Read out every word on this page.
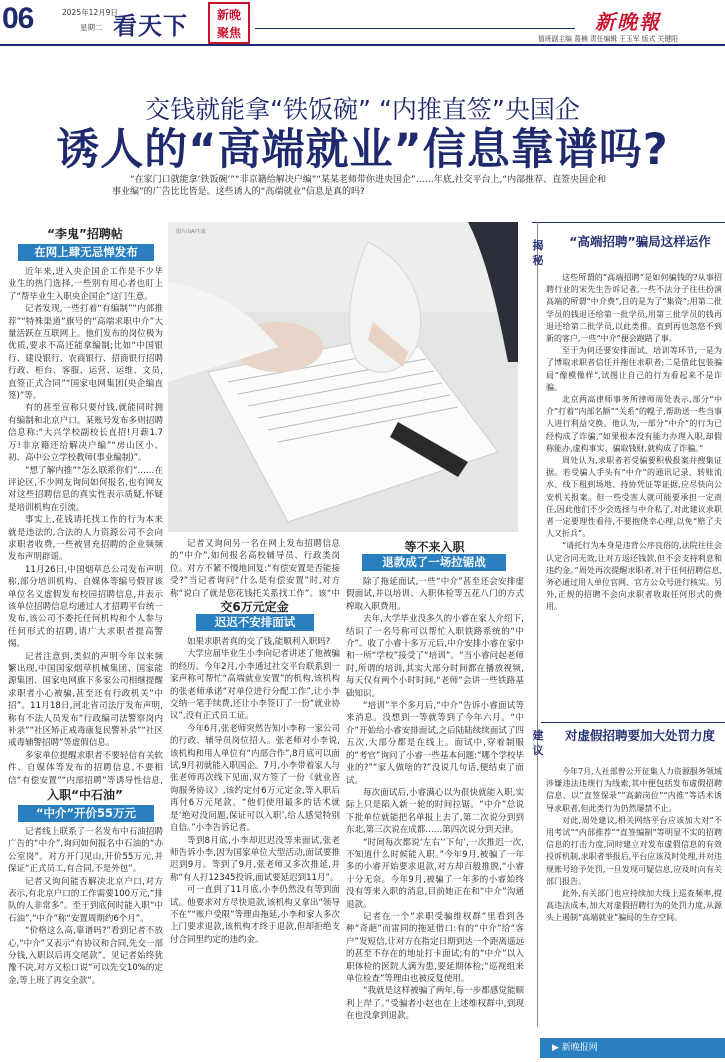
06	2025年12月9日
星期二 看天下	新晚
聚焦	新晚報
值班副主编 葛楠 责任编辑 王玉军 版式 关键阳
交钱就能拿“铁饭碗” “内推直签”央国企
诱人的“高端就业”信息靠谱吗?
“在家门口就能拿‘铁饭碗’”“非京籍给解决户编”“某某老师带你进央国企”……年底,社交平台上,“内部推荐、直签央国企和事业编”的广告比比皆是。这些诱人的“高端就业”信息是真的吗?
图片由AI生成
“李鬼”招聘帖
在网上肆无忌惮发布

近年来,进入央企国企工作是不少毕业生的热门选择,一些别有用心者也盯上了“帮毕业生入职央企国企”这门生意。

记者发现,一些打着“有编制”“内部推荐”“特殊渠道”旗号的“高端求职中介”大量活跃在互联网上。他们发布的岗位极为优质,要求不高还能拿编制;比如“中国银行、建设银行、农商银行、招商银行招聘行政、柜台、客服、运营、运维、文员,直签正式合同”“国家电网集团(央企编直签)”等。

有的甚至宣称只要付钱,就能同时拥有编制和北京户口。某账号发布多则招聘信息称:“大兴学校副校长直招!月薪1.7万!非京籍还给解决户编”“房山区小、初、高中公立学校教师(事业编制)”。

“想了解内推”“怎么联系你们”……在评论区,不少网友询问如何报名,也有网友对这些招聘信息的真实性表示质疑,怀疑是培训机构在引流。

事实上,花钱请托找工作的行为本来就是违法的,合法的人力资源公司不会向求职者收费,一些被冒充招聘的企业频频发布声明辟谣。

11月26日,中国烟草总公司发布声明称,部分培训机构、自媒体等编号假冒该单位名义虚假发布校园招聘信息,并表示该单位招聘信息均通过人才招聘平台统一发布,该公司不委托任何机构和个人参与任何形式的招聘,请广大求职者提高警惕。

记者注意到,类似的声明今年以来频繁出现,中国国家烟草机械集团、国家能源集团、国家电网旗下多家公司相继提醒求职者小心被骗,甚至还有行政机关“中招”。11月18日,河北省司法厅发布声明,称有不法人员发布“行政编司法警察岗内补录”“社区矫正戒毒康复民警补录”“社区戒毒辅警招聘”等虚假信息。

多家单位提醒求职者不要轻信有关软件、自媒体等发布的招聘信息,不要相信“有偿安置”“内部招聘”等诱导性信息,

入职“中石油”
“中介”开价55万元

记者线上联系了一名发布中石油招聘广告的“中介”,询问如何报名中石油的“办公室岗”。对方开门见山,开价55万元,并保证“正式员工,有合同,不是外包”。

记者又询问能否解决北京户口,对方表示,有北京户口的工作需要100万元,“排队的人非常多”。至于到底何时能入职“中石油”,“中介”称“安置周期约6个月”。

“价格这么高,靠谱吗?”看到记者不放心,“中介”又表示“有协议和合同,先交一部分钱,入职以后再交尾款”。见记者始终犹豫不决,对方又松口说“可以先交10%的定金,等上班了再交全款”。

记者又询问另一名在网上发布招聘信息的“中介”,如何报名高校辅导员、行政类岗位。对方不紧不慢地回复:“有偿安置是否能接受?”当记者询问“什么是有偿安置”时,对方称“说白了就是您花钱托关系找工作”。该“中

交6万元定金
迟迟不安排面试

如果求职者真的交了钱,能顺利入职吗?

大学应届毕业生小李向记者讲述了他被骗的经历。今年2月,小李通过社交平台联系到一家声称可帮忙“高端就业安置”的机构,该机构的张老师承诺“对单位进行分配工作”,让小李交纳一笔手续费,还让小李签订了一份“就业协议”,没有正式员工证。

今年6月,张老师突然告知小李称一家公司的行政、辅导员岗位招人。张老师对小李说,该机构和用人单位有“内部合作”,8月底可以面试,9月初就能入职国企。7月,小李带着家人与张老师再次线下见面,双方签了一份《就业咨询服务协议》,该约定付6万元定金,等入职后再付6万元尾款。“他们使用最多的话术就是‘绝对没问题,保证可以入职’,给人感觉特别自信。”小李告诉记者。

等到8月底,小李却迟迟没等来面试,张老师告诉小李,因为国家单位大型活动,面试要推迟到9月。等到了9月,张老师又多次推延,并称“有人打12345投诉,面试要延迟到11月”。

可一直到了11月底,小李仍然没有等到面试。他要求对方尽快退款,该机构又拿出“领导不在”“账户受限”等理由拖延,小李和家人多次上门要求退款,该机构才终于退款,但却拒绝支付合同里约定的违约金。

等不来入职
退款成了一场拉锯战

除了拖延面试,一些“中介”甚至还会安排虚假面试,并以培训、入职体检等五花八门的方式榨取入职费用。

去年,大学毕业没多久的小睿在家人介绍下,结识了一名号称可以帮忙入职铁路系统的“中介”。收了小睿十多万元后,中介安排小睿在家中和一所“学校”接受了“培训”。“当小睿问起老师时,所谓的培训,其实大部分时间都在播放视频,每天仅有两个小时时间,“老师”会讲一些铁路基础知识。

“培训”半个多月后,“中介”告诉小睿面试等来消息。没想到一等就等到了今年六月。“中介”开始给小睿安排面试,之后陆陆续续面试了四五次,大部分都是在线上。面试中,穿着制服的“考官”询问了小睿一些基本问题:“哪个学校毕业的?”“家人做啥的?”没说几句话,便结束了面试。

每次面试后,小睿满心以为很快就能入职,实际上只是陷入新一轮的时间拉锯。“中介”总说下批单位就能把名单报上去了,第二次说分到到东北,第三次说在成都……第四次说分到天津。

“时间每次都说‘左右’‘下旬’,一次推迟一次,不知道什么时候能入职。”今年9月,被骗了一年多的小睿开始要求退款,对方却百般推脱,“小睿十分无奈。今年9月,被骗了一年多的小睿始终没有等来入职的消息,目前她正在和“中介”沟通退款。

记者在一个“求职受骗维权群”里看到各种“奇葩”而雷同的拖延借口:有的“中介”给“客户”发短信,让对方在指定日期到达一个距离遥远的甚至不存在的地址打卡面试;有的“中介”以入职体检的医院人满为患,要延期体检;“巡视组来单位检查”等理由也被反复使用。

“我就是这样被骗了两年,每一步都感觉能顺利上岸了。”受骗者小赵也在上述维权群中,到现在也没拿到退款。

揭秘
“高端招聘”骗局这样运作

这些所谓的“高端招聘”是如何骗钱的?从事招聘行业的宋先生告诉记者,一些不法分子往往扮演高端的所谓“中介费”,目的是为了“集资”;用第二批学员的钱退还给第一批学员,用第三批学员的钱再退还给第二批学员,以此类推。直到再也忽悠不到新的客户,一些“中介”便会跑路了事。

至于为何还要安排面试、培训等环节,一是为了博取求职者信任并拖住求职者;二是借此包装骗局“像模像样”,试图让自己的行为看起来不是诈骗。

北京两高律师事务所律师周处表示,部分“中介”打着“内部名额”“关系”的幌子,帮助送一些当事人进行利益交换。他认为,一部分“中介”的行为已经构成了诈骗,“如果根本没有能力办理入职,却假称能办,虚构事实、骗取钱财,就构成了诈骗。”

周处认为,求职者若受骗要积极报案并搜集证据。若受骗人手头有“中介”的通讯记录、转账流水、线下租到场地、持协凭证等证据,应尽快向公安机关报案。但一些受害人就可能要承担一定责任,因此他们不少会选择与中介私了,对此建议求职者一定要理性看待,不要抱侥幸心理,以免“赔了夫人又折兵”。

“请托行为本身是违背公序良俗的,法院往往会认定合同无效,让对方返还钱款,但不会支持利息和违约金。”周处再次提醒求职者,对于任何招聘信息,务必通过用人单位官网、官方公众号进行核实。另外,正规的招聘不会向求职者收取任何形式的费用。

建议
对虚假招聘要加大处罚力度

今年7月,人社部曾公开征集人力资源服务领域涉嫌违法违规行为线索,其中便包括发布虚假招聘信息、以“直签保录”“高薪岗位”“内推”等话术诱导求职者,但此类行为仍然屡禁不止。

对此,周处建议,相关网络平台应该加大对“不用考试”“内部推荐”“直签编制”等明显不实的招聘信息的打击力度,同时建立对发布虚假信息的有效投诉机制,求职者举报后,平台应该及时处理,并对违规账号给予处罚,一旦发现可疑信息,应及时向有关部门报告。

此外,有关部门也应持续加大线上巡查频率,提高违法成本,加大对虚假招聘行为的处罚力度,从源头上遏制“高端就业”骗局的生存空间。

▶ 新晚报网
